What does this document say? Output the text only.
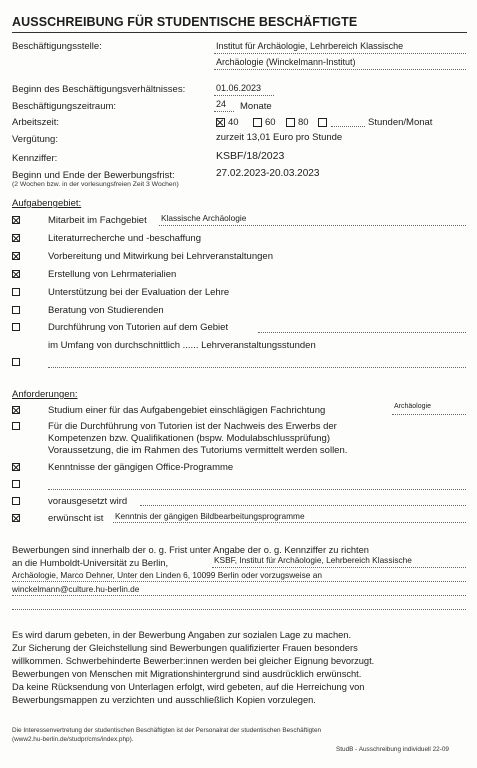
AUSSCHREIBUNG FÜR STUDENTISCHE BESCHÄFTIGTE
Beschäftigungsstelle:	Institut für Archäologie, Lehrbereich Klassische
Archäologie (Winckelmann-Institut)
Beginn des Beschäftigungsverhältnisses:	01.06.2023
Beschäftigungszeitraum:	24 Monate
Arbeitszeit:	40	60 80	Stunden/Monat
Vergütung:	zurzeit 13,01 Euro pro Stunde
Kennziffer:	KSBF/18/2023
Beginn und Ende der Bewerbungsfrist:	27.02.2023-20.03.2023
(2 Wochen bzw. in der vorlesungsfreien Zeit 3 Wochen)
Aufgabengebiet:
Mitarbeit im Fachgebiet Klassische Archäologie
Literaturrecherche und -beschaffung
Vorbereitung und Mitwirkung bei Lehrveranstaltungen
Erstellung von Lehrmaterialien
Unterstützung bei der Evaluation der Lehre
Beratung von Studierenden
Durchführung von Tutorien auf dem Gebiet
im Umfang von durchschnittlich ...... Lehrveranstaltungsstunden
Anforderungen:
Studium einer für das Aufgabengebiet einschlägigen Fachrichtung	Archäologie
Für die Durchführung von Tutorien ist der Nachweis des Erwerbs der
Kompetenzen bzw. Qualifikationen (bspw. Modulabschlussprüfung)
Voraussetzung, die im Rahmen des Tutoriums vermittelt werden sollen.
Kenntnisse der gängigen Office-Programme
vorausgesetzt wird
erwünscht ist Kenntnis der gängigen Bildbearbeitungsprogramme
Bewerbungen sind innerhalb der o. g. Frist unter Angabe der o. g. Kennziffer zu richten
an die Humboldt-Universität zu Berlin,	KSBF, Institut für Archäologie, Lehrbereich Klassische
Archäologie, Marco Dehner, Unter den Linden 6, 10099 Berlin oder vorzugsweise an
winckelmann@culture.hu-berlin.de
Es wird darum gebeten, in der Bewerbung Angaben zur sozialen Lage zu machen.
Zur Sicherung der Gleichstellung sind Bewerbungen qualifizierter Frauen besonders
willkommen. Schwerbehinderte Bewerber:innen werden bei gleicher Eignung bevorzugt.
Bewerbungen von Menschen mit Migrationshintergrund sind ausdrücklich erwünscht.
Da keine Rücksendung von Unterlagen erfolgt, wird gebeten, auf die Herreichung von
Bewerbungsmappen zu verzichten und ausschließlich Kopien vorzulegen.
Die Interessenvertretung der studentischen Beschäftigten ist der Personalrat der studentischen Beschäftigten
(www2.hu-berlin.de/studpr/cms/index.php).
StudB - Ausschreibung individuell 22-09
